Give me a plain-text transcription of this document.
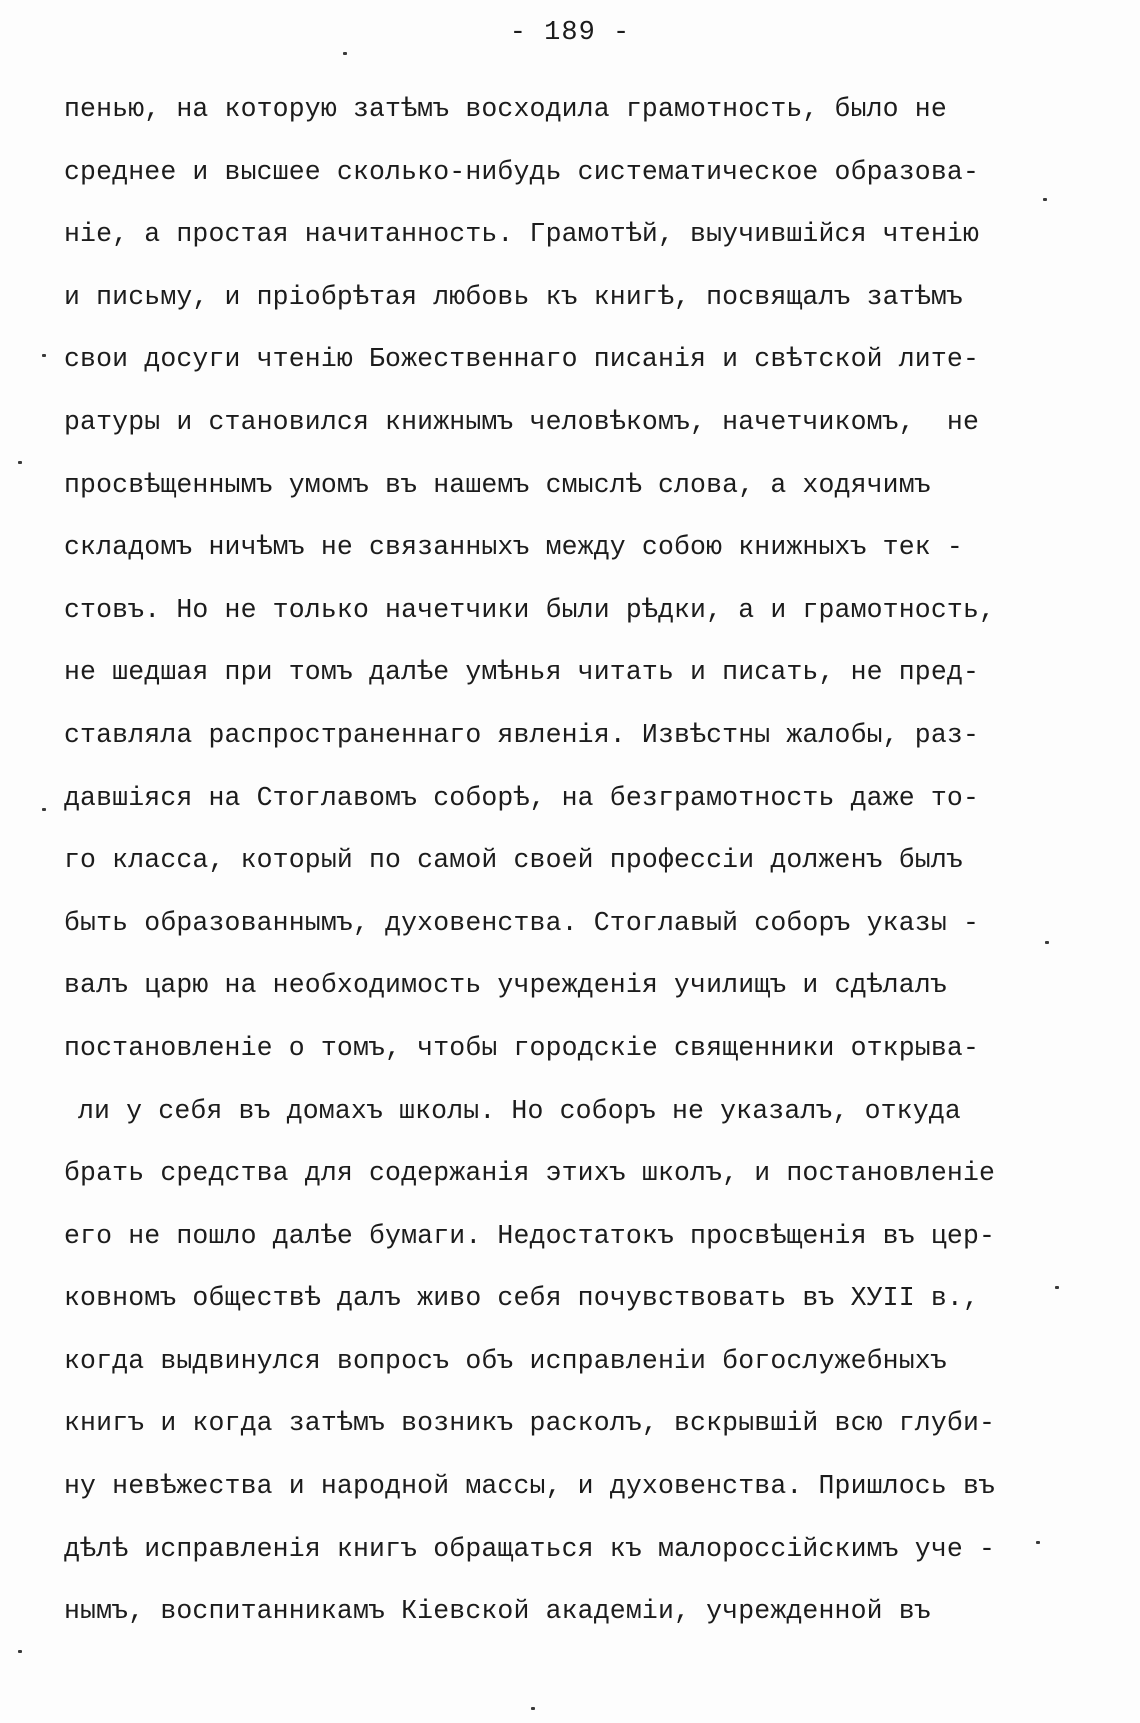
- 189 -
пенью, на которую затѣмъ восходила грамотность, было не
среднее и высшее сколько-нибудь систематическое образова-
нie, а простая начитанность. Грамотѣй, выучившiйся чтенiю
и письму, и прiобрѣтая любовь къ книгѣ, посвящалъ затѣмъ
свои досуги чтенiю Божественнаго писанiя и свѣтской лите-
ратуры и становился книжнымъ человѣкомъ, начетчикомъ,  не
просвѣщеннымъ умомъ въ нашемъ смыслѣ слова, а ходячимъ
складомъ ничѣмъ не связанныхъ между собою книжныхъ тек -
стовъ. Но не только начетчики были рѣдки, а и грамотность,
не шедшая при томъ далѣе умѣнья читать и писать, не пред-
ставляла распространеннаго явленiя. Извѣстны жалобы, раз-
давшiяся на Стоглавомъ соборѣ, на безграмотность даже то-
го класса, который по самой своей профессiи долженъ былъ
быть образованнымъ, духовенства. Стоглавый соборъ указы -
валъ царю на необходимость учрежденiя училищъ и сдѣлалъ
постановленiе о томъ, чтобы городскiе священники открыва-
ли у себя въ домахъ школы. Но соборъ не указалъ, откуда
брать средства для содержанiя этихъ школъ, и постановленiе
его не пошло далѣе бумаги. Недостатокъ просвѣщенiя въ цер-
ковномъ обществѣ далъ живо себя почувствовать въ ХУII в.,
когда выдвинулся вопросъ объ исправленiи богослужебныхъ
книгъ и когда затѣмъ возникъ расколъ, вскрывшiй всю глуби-
ну невѣжества и народной массы, и духовенства. Пришлось въ
дѣлѣ исправленiя книгъ обращаться къ малороссiйскимъ уче -
нымъ, воспитанникамъ Кiевской академiи, учрежденной въ
